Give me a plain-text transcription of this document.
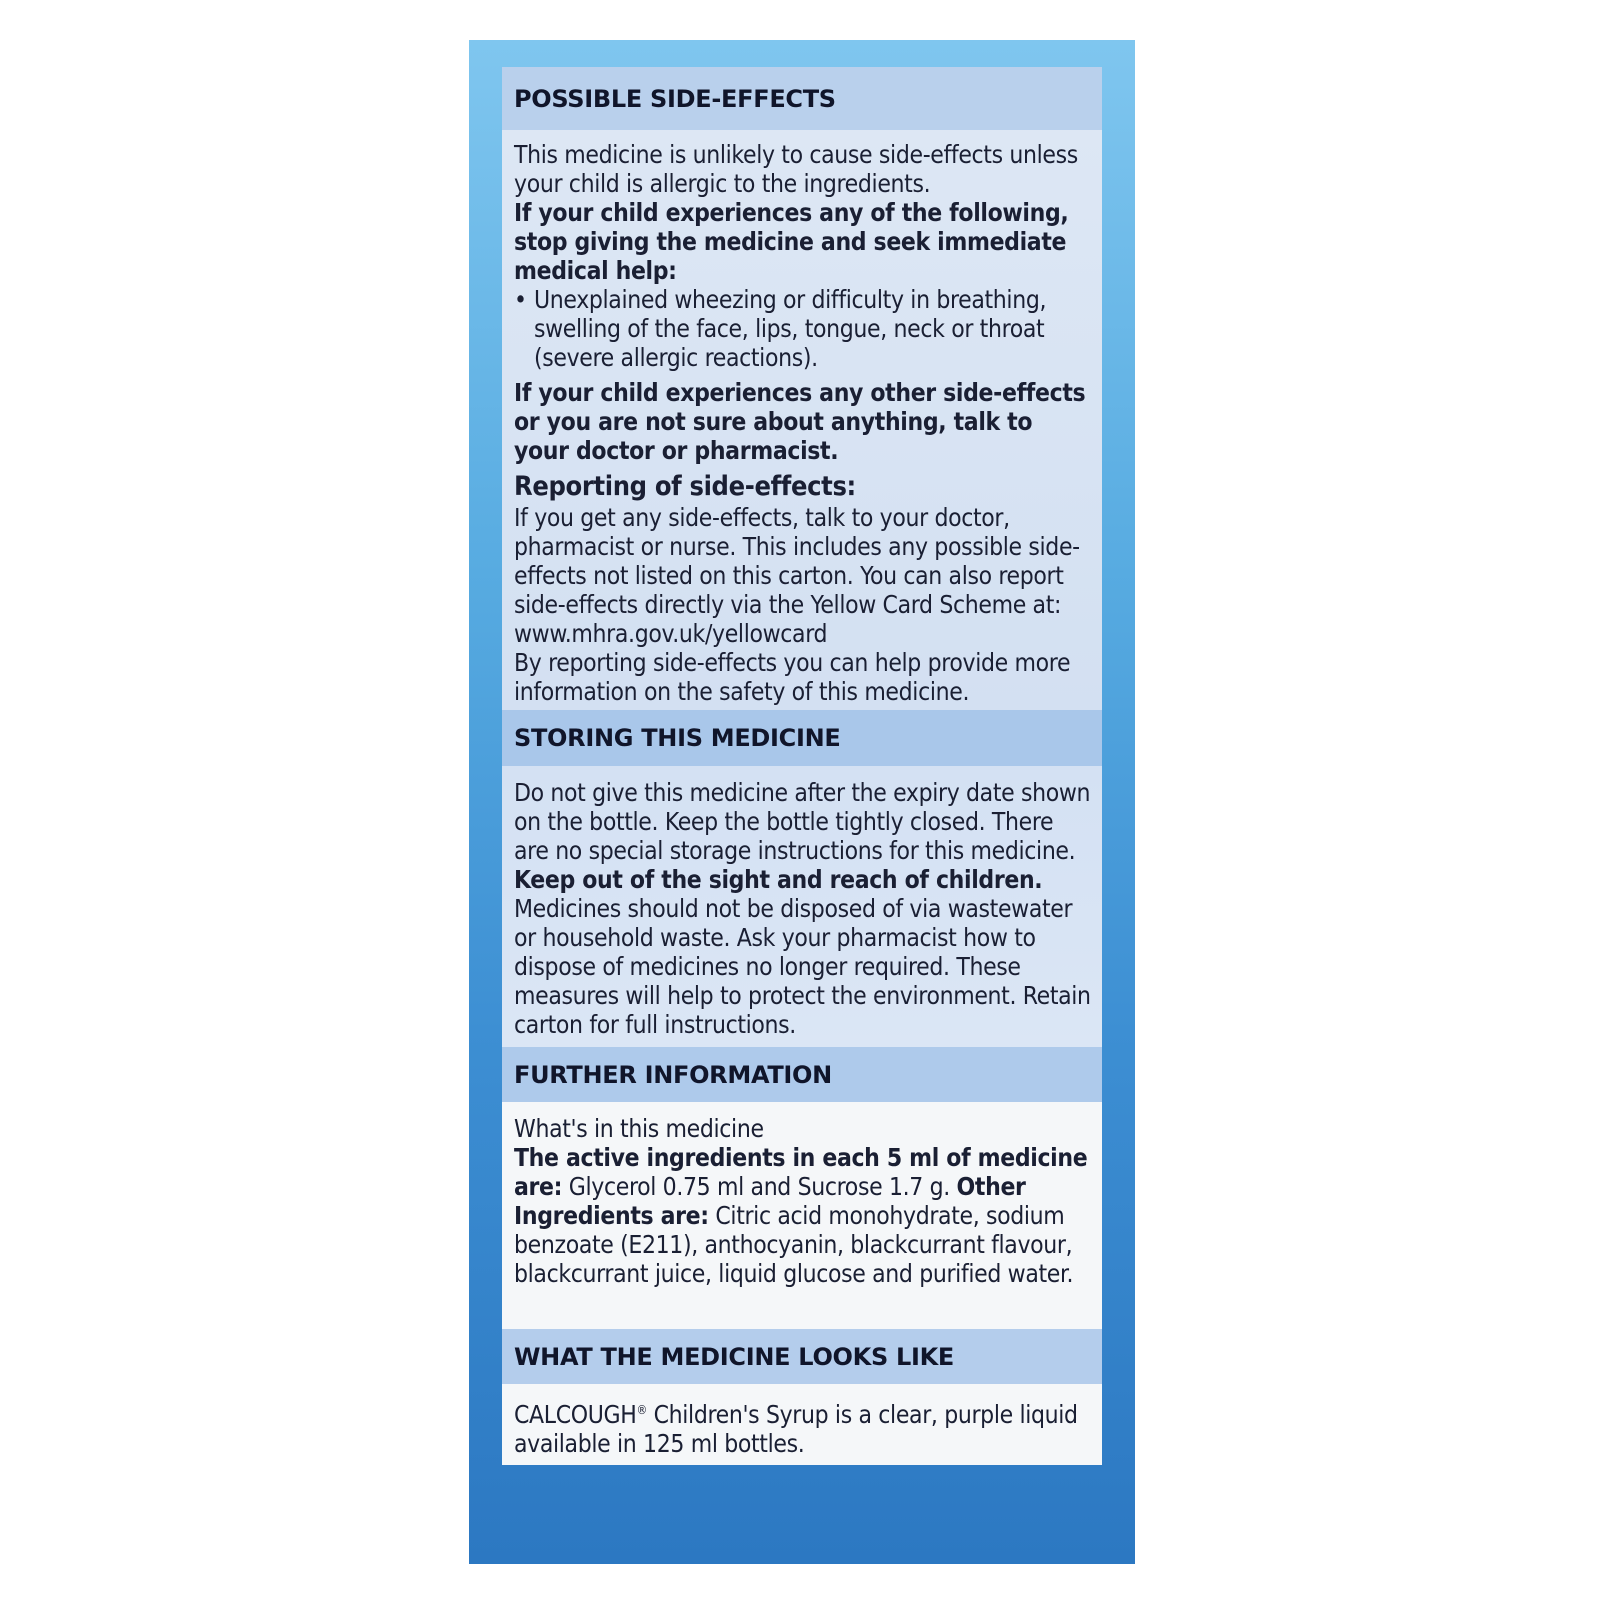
POSSIBLE SIDE-EFFECTS

This medicine is unlikely to cause side-effects unless your child is allergic to the ingredients.

If your child experiences any of the following, stop giving the medicine and seek immediate medical help:

• Unexplained wheezing or difficulty in breathing, swelling of the face, lips, tongue, neck or throat (severe allergic reactions).

If your child experiences any other side-effects or you are not sure about anything, talk to your doctor or pharmacist.

Reporting of side-effects:

If you get any side-effects, talk to your doctor, pharmacist or nurse. This includes any possible side-effects not listed on this carton. You can also report side-effects directly via the Yellow Card Scheme at: www.mhra.gov.uk/yellowcard

By reporting side-effects you can help provide more information on the safety of this medicine.

STORING THIS MEDICINE

Do not give this medicine after the expiry date shown on the bottle. Keep the bottle tightly closed. There are no special storage instructions for this medicine. Keep out of the sight and reach of children. Medicines should not be disposed of via wastewater or household waste. Ask your pharmacist how to dispose of medicines no longer required. These measures will help to protect the environment. Retain carton for full instructions.

FURTHER INFORMATION

What's in this medicine

The active ingredients in each 5 ml of medicine are: Glycerol 0.75 ml and Sucrose 1.7 g. Other Ingredients are: Citric acid monohydrate, sodium benzoate (E211), anthocyanin, blackcurrant flavour, blackcurrant juice, liquid glucose and purified water.

WHAT THE MEDICINE LOOKS LIKE

CALCOUGH® Children's Syrup is a clear, purple liquid available in 125 ml bottles.
